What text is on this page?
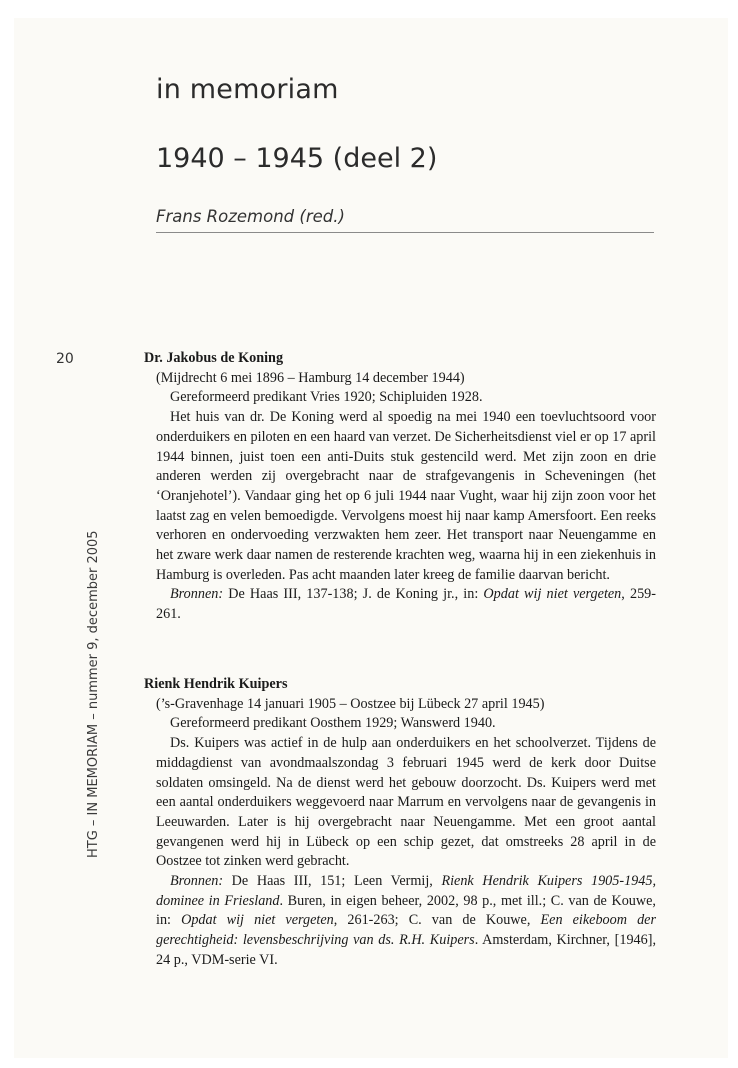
in memoriam
1940 – 1945 (deel 2)

Frans Rozemond (red.)

20
HTG – IN MEMORIAM – nummer 9, december 2005

Dr. Jakobus de Koning

(Mijdrecht 6 mei 1896 – Hamburg 14 december 1944)

Gereformeerd predikant Vries 1920; Schipluiden 1928.

Het huis van dr. De Koning werd al spoedig na mei 1940 een toevluchtsoord voor onderduikers en piloten en een haard van verzet. De Sicherheitsdienst viel er op 17 april 1944 binnen, juist toen een anti-Duits stuk gestencild werd. Met zijn zoon en drie anderen werden zij overgebracht naar de strafgevangenis in Scheveningen (het ‘Oranjehotel’). Vandaar ging het op 6 juli 1944 naar Vught, waar hij zijn zoon voor het laatst zag en velen bemoedigde. Vervolgens moest hij naar kamp Amersfoort. Een reeks verhoren en ondervoeding verzwakten hem zeer. Het transport naar Neuengamme en het zware werk daar namen de resterende krachten weg, waarna hij in een ziekenhuis in Hamburg is overleden. Pas acht maanden later kreeg de familie daarvan bericht.

Bronnen: De Haas III, 137-138; J. de Koning jr., in: Opdat wij niet vergeten, 259-261.

Rienk Hendrik Kuipers

(’s-Gravenhage 14 januari 1905 – Oostzee bij Lübeck 27 april 1945)

Gereformeerd predikant Oosthem 1929; Wanswerd 1940.

Ds. Kuipers was actief in de hulp aan onderduikers en het schoolverzet. Tijdens de middagdienst van avondmaalszondag 3 februari 1945 werd de kerk door Duitse soldaten omsingeld. Na de dienst werd het gebouw doorzocht. Ds. Kuipers werd met een aantal onderduikers weggevoerd naar Marrum en vervolgens naar de gevangenis in Leeuwarden. Later is hij overgebracht naar Neuengamme. Met een groot aantal gevangenen werd hij in Lübeck op een schip gezet, dat omstreeks 28 april in de Oostzee tot zinken werd gebracht.

Bronnen: De Haas III, 151; Leen Vermij, Rienk Hendrik Kuipers 1905-1945, dominee in Friesland. Buren, in eigen beheer, 2002, 98 p., met ill.; C. van de Kouwe, in: Opdat wij niet vergeten, 261-263; C. van de Kouwe, Een eikeboom der gerechtigheid: levensbeschrijving van ds. R.H. Kuipers. Amsterdam, Kirchner, [1946], 24 p., VDM-serie VI.
